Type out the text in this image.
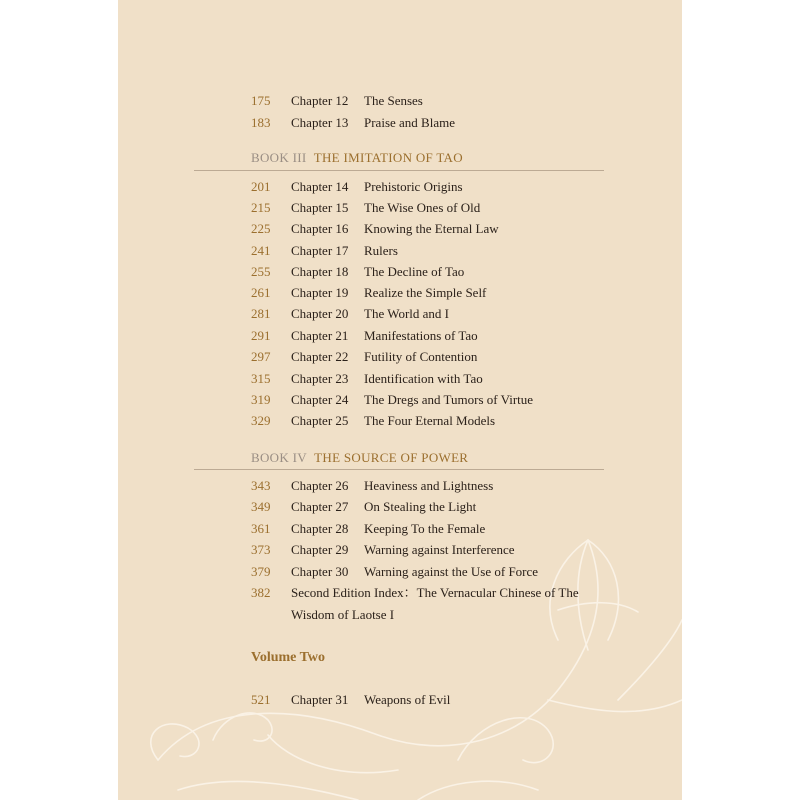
175	Chapter 12 The Senses
183	Chapter 13 Praise and Blame
BOOK III THE IMITATION OF TAO
201	Chapter 14 Prehistoric Origins
215	Chapter 15 The Wise Ones of Old
225	Chapter 16 Knowing the Eternal Law
241	Chapter 17 Rulers
255	Chapter 18 The Decline of Tao
261	Chapter 19 Realize the Simple Self
281	Chapter 20 The World and I
291	Chapter 21 Manifestations of Tao
297	Chapter 22 Futility of Contention
315	Chapter 23 Identification with Tao
319	Chapter 24 The Dregs and Tumors of Virtue
329	Chapter 25 The Four Eternal Models
BOOK IV THE SOURCE OF POWER
343	Chapter 26 Heaviness and Lightness
349	Chapter 27 On Stealing the Light
361	Chapter 28 Keeping To the Female
373	Chapter 29 Warning against Interference
379	Chapter 30 Warning against the Use of Force
382	Second Edition Index：The Vernacular Chinese of The
Wisdom of Laotse I
Volume Two
521	Chapter 31 Weapons of Evil
